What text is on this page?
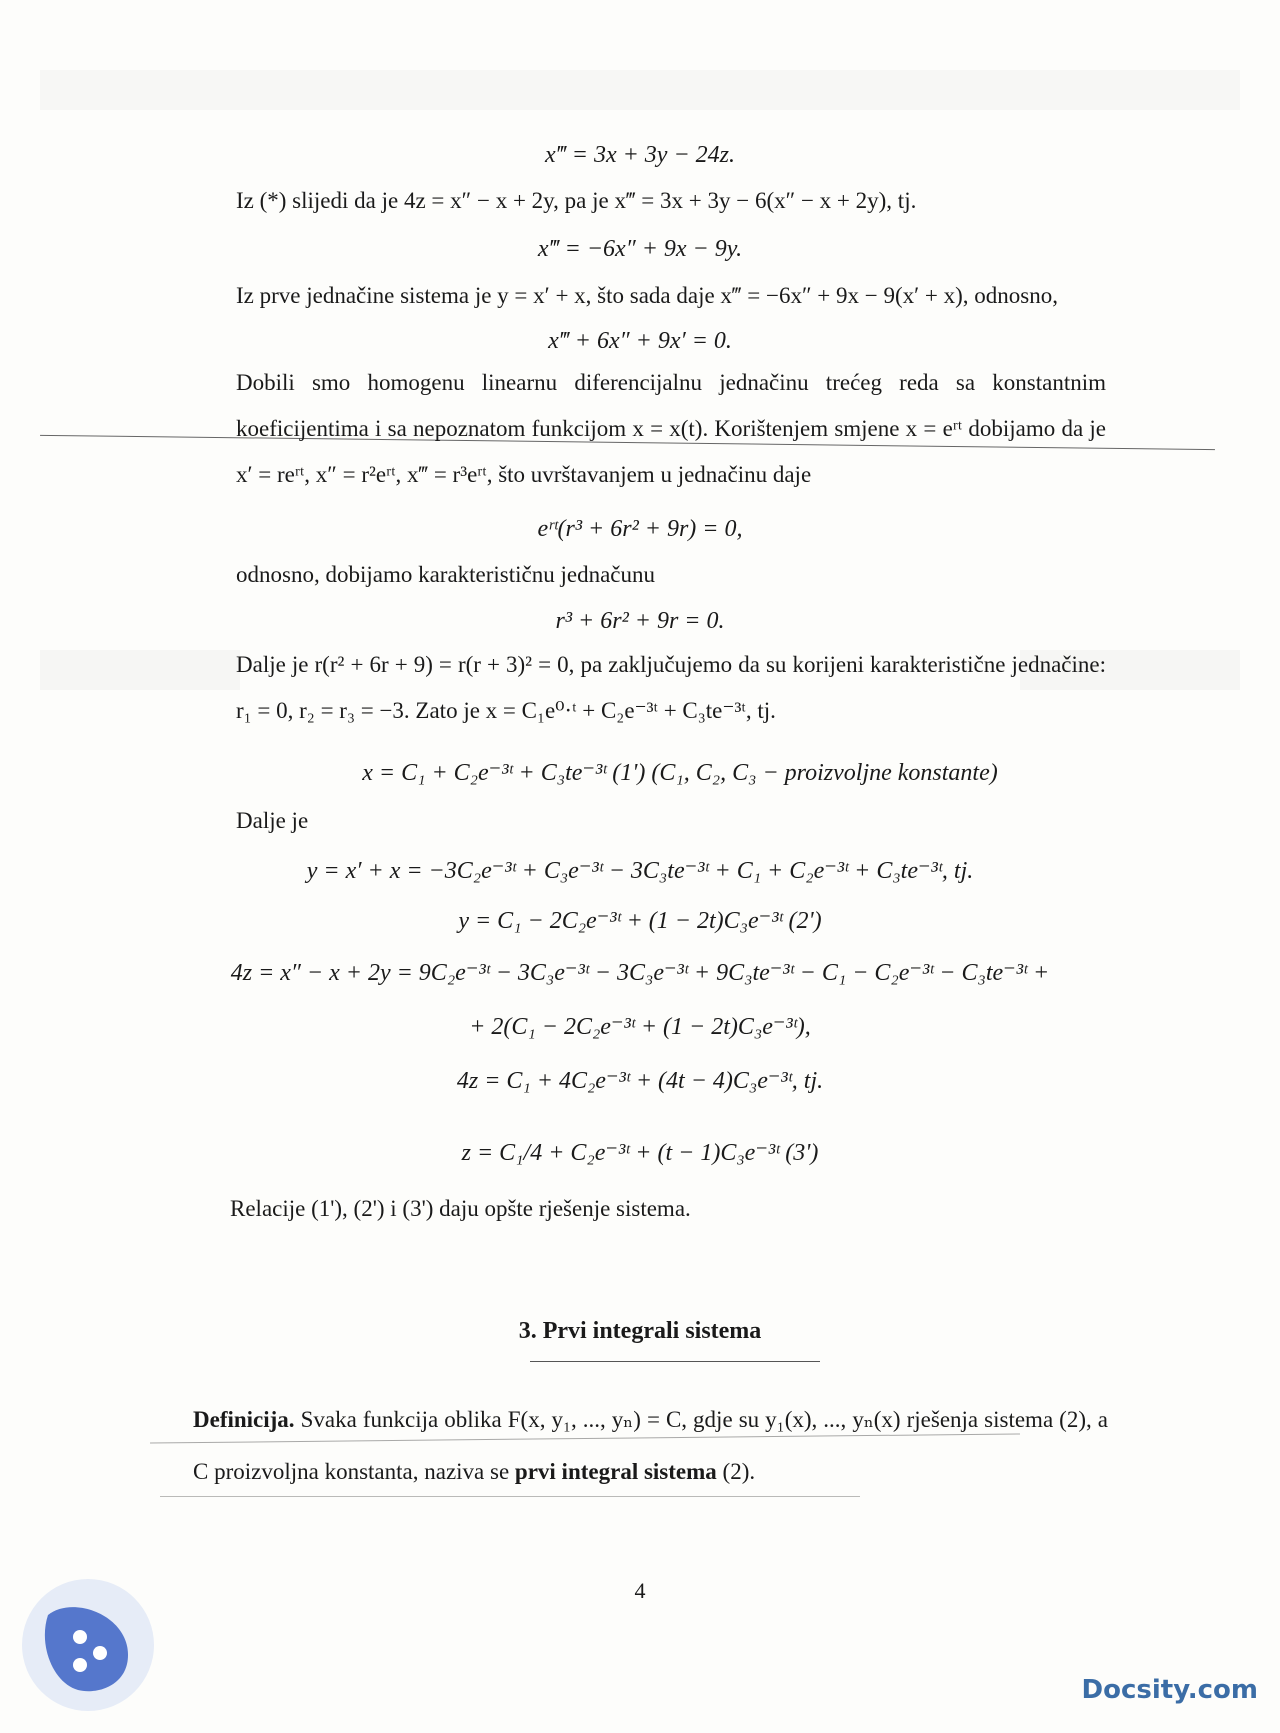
x‴ = 3x + 3y − 24z.
Iz (*) slijedi da je 4z = x″ − x + 2y, pa je x‴ = 3x + 3y − 6(x″ − x + 2y), tj.
x‴ = −6x″ + 9x − 9y.
Iz prve jednačine sistema je y = x′ + x, što sada daje x‴ = −6x″ + 9x − 9(x′ + x), odnosno,
x‴ + 6x″ + 9x′ = 0.
Dobili smo homogenu linearnu diferencijalnu jednačinu trećeg reda sa konstantnim koeficijentima i sa nepoznatom funkcijom x = x(t). Korištenjem smjene x = eʳᵗ dobijamo da je x′ = reʳᵗ, x″ = r²eʳᵗ, x‴ = r³eʳᵗ, što uvrštavanjem u jednačinu daje
eʳᵗ(r³ + 6r² + 9r) = 0,
odnosno, dobijamo karakterističnu jednačunu
r³ + 6r² + 9r = 0.
Dalje je r(r² + 6r + 9) = r(r + 3)² = 0, pa zaključujemo da su korijeni karakteristične jednačine: r₁ = 0, r₂ = r₃ = −3. Zato je x = C₁e⁰·ᵗ + C₂e⁻³ᵗ + C₃te⁻³ᵗ, tj.
x = C₁ + C₂e⁻³ᵗ + C₃te⁻³ᵗ (1') (C₁, C₂, C₃ − proizvoljne konstante)
Dalje je
y = x′ + x = −3C₂e⁻³ᵗ + C₃e⁻³ᵗ − 3C₃te⁻³ᵗ + C₁ + C₂e⁻³ᵗ + C₃te⁻³ᵗ, tj.
y = C₁ − 2C₂e⁻³ᵗ + (1 − 2t)C₃e⁻³ᵗ (2')
4z = x″ − x + 2y = 9C₂e⁻³ᵗ − 3C₃e⁻³ᵗ − 3C₃e⁻³ᵗ + 9C₃te⁻³ᵗ − C₁ − C₂e⁻³ᵗ − C₃te⁻³ᵗ +
+ 2(C₁ − 2C₂e⁻³ᵗ + (1 − 2t)C₃e⁻³ᵗ),
4z = C₁ + 4C₂e⁻³ᵗ + (4t − 4)C₃e⁻³ᵗ, tj.
z = C₁/4 + C₂e⁻³ᵗ + (t − 1)C₃e⁻³ᵗ (3')
Relacije (1'), (2') i (3') daju opšte rješenje sistema.
3. Prvi integrali sistema
Definicija. Svaka funkcija oblika F(x, y₁, ..., yₙ) = C, gdje su y₁(x), ..., yₙ(x) rješenja sistema (2), a C proizvoljna konstanta, naziva se prvi integral sistema (2).
4
Docsity.com
